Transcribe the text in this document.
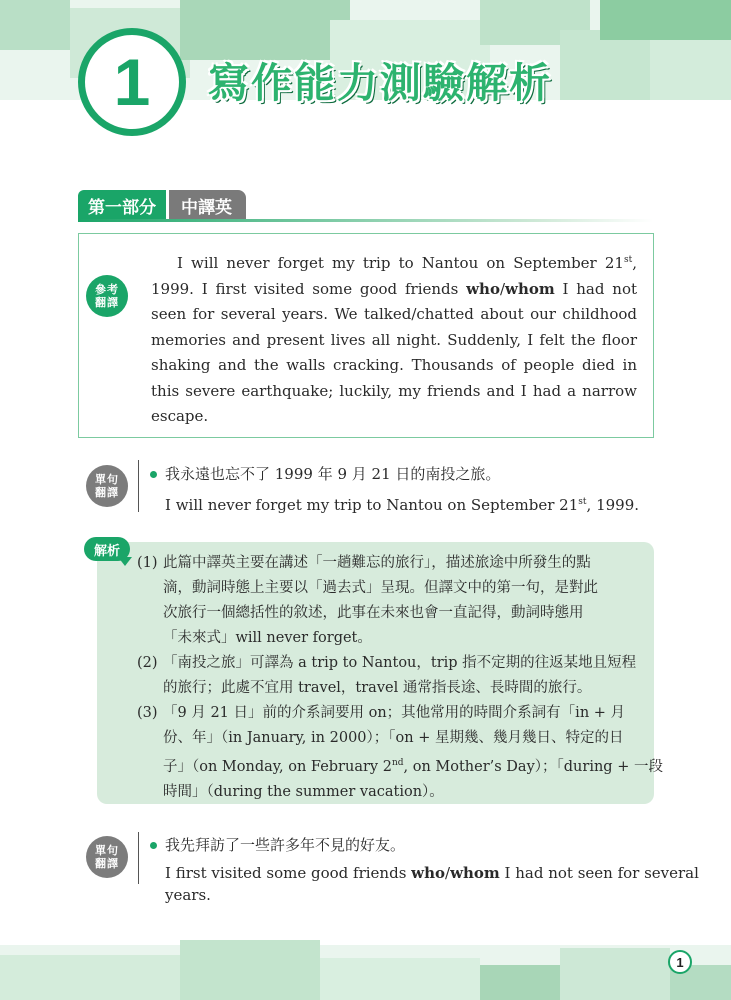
1	寫作能力測驗解析
第一部分	中譯英
參考
翻譯
I will never forget my trip to Nantou on September 21st, 1999. I first visited some good friends who/whom I had not seen for several years. We talked/chatted about our childhood memories and present lives all night. Suddenly, I felt the floor shaking and the walls cracking. Thousands of people died in this severe earthquake; luckily, my friends and I had a narrow escape.
單句
翻譯
我永遠也忘不了 1999 年 9 月 21 日的南投之旅。
I will never forget my trip to Nantou on September 21st, 1999.
解析
(1) 此篇中譯英主要在講述「一趟難忘的旅行」，描述旅途中所發生的點
滴，動詞時態上主要以「過去式」呈現。但譯文中的第一句，是對此
次旅行一個總括性的敘述，此事在未來也會一直記得，動詞時態用
「未來式」will never forget。
(2) 「南投之旅」可譯為 a trip to Nantou，trip 指不定期的往返某地且短程
的旅行；此處不宜用 travel，travel 通常指長途、長時間的旅行。
(3) 「9 月 21 日」前的介系詞要用 on；其他常用的時間介系詞有「in + 月
份、年」（in January, in 2000）；「on + 星期幾、幾月幾日、特定的日
子」（on Monday, on February 2nd, on Mother’s Day）；「during + 一段
時間」（during the summer vacation）。
單句
翻譯
我先拜訪了一些許多年不見的好友。
I first visited some good friends who/whom I had not seen for several years.
1
